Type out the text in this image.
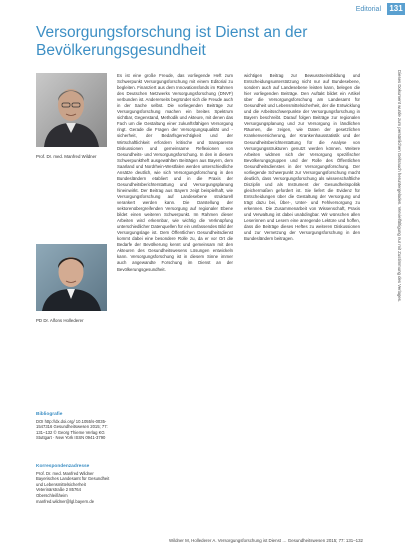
Editorial 131
Versorgungsforschung ist Dienst an der Bevölkerungsgesundheit
Prof. Dr. med. Manfred Wildner
PD Dr. Alfons Hollederer
Bibliografie
DOI http://dx.doi.org/ 10.1055/s-0035-1547316 Gesundheitswesen 2015; 77: 131–132 © Georg Thieme Verlag KG Stuttgart · New York ISSN 0941-3790
Korrespondenzadresse
Prof. Dr. med. Manfred Wildner Bayerisches Landesamt für Gesundheit und Lebensmittelsicherheit Veterinärstraße 2 85764 Oberschleißheim manfred.wildner@lgl.bayern.de

Es ist eine große Freude, das vorliegende Heft zum Schwerpunkt Versorgungsforschung mit einem Editorial zu begleiten. Finanziert aus dem Innovationsfonds im Rahmen des Deutschen Netzwerks Versorgungsforschung (DNVF) verbunden ist. Andererseits begründet sich die Freude auch in der Sache selbst. Die vorliegenden Beiträge zur Versorgungsforschung machen ein breites Spektrum sichtbar, Gegenstand, Methodik und Akteure, mit denen das Fach um die Gestaltung einer zukunftsfähigen Versorgung ringt. Gerade die Fragen der Versorgungsqualität und -sicherheit, der Bedarfsgerechtigkeit und der Wirtschaftlichkeit erfordern kritische und transparente Diskussionen und gemeinsame Reflexionen von Gesundheits- und Versorgungsforschung. In den in diesem Schwerpunktheft ausgewählten Beiträgen aus Bayern, dem Saarland und Nordrhein-Westfalen werden unterschiedliche Ansätze deutlich, wie sich Versorgungsforschung in den Bundesländern etabliert und in die Praxis der Gesundheitsberichterstattung und Versorgungsplanung hineinwirkt. Der Beitrag aus Bayern zeigt beispielhaft, wie Versorgungsforschung auf Landesebene strukturell verankert werden kann. Die Darstellung der sektorenübergreifenden Versorgung auf regionaler Ebene bildet einen weiteren Schwerpunkt. Im Rahmen dieser Arbeiten wird erkennbar, wie wichtig die Verknüpfung unterschiedlicher Datenquellen für ein umfassendes Bild der Versorgungslage ist. Dem Öffentlichen Gesundheitsdienst kommt dabei eine besondere Rolle zu, da er vor Ort die Bedarfe der Bevölkerung kennt und gemeinsam mit den Akteuren des Gesundheitswesens Lösungen entwickeln kann. Versorgungsforschung ist in diesem Sinne immer auch angewandte Forschung im Dienst an der Bevölkerungsgesundheit.

wichtigen Beitrag zur Bewusstseinsbildung und Entscheidungsunterstützung nicht nur auf Bundesebene, sondern auch auf Landesebene leisten kann, belegen die hier vorliegenden Beiträge. Den Auftakt bildet ein Artikel über die Versorgungsforschung am Landesamt für Gesundheit und Lebensmittelsicherheit, der die Entwicklung und die Arbeitsschwerpunkte der Versorgungsforschung in Bayern beschreibt. Darauf folgen Beiträge zur regionalen Versorgungsplanung und zur Versorgung in ländlichen Räumen, die zeigen, wie Daten der gesetzlichen Krankenversicherung, der Krankenhausstatistik und der Gesundheitsberichterstattung für die Analyse von Versorgungsstrukturen genutzt werden können. Weitere Arbeiten widmen sich der Versorgung spezifischer Bevölkerungsgruppen und der Rolle des Öffentlichen Gesundheitsdienstes in der Versorgungsforschung. Der vorliegende Schwerpunkt zur Versorgungsforschung macht deutlich, dass Versorgungsforschung als wissenschaftliche Disziplin und als Instrument der Gesundheitspolitik gleichermaßen gefordert ist. Sie liefert die Evidenz für Entscheidungen über die Gestaltung der Versorgung und trägt dazu bei, Über-, Unter- und Fehlversorgung zu erkennen. Die Zusammenarbeit von Wissenschaft, Praxis und Verwaltung ist dabei unabdingbar. Wir wünschen allen Leserinnen und Lesern eine anregende Lektüre und hoffen, dass die Beiträge dieses Heftes zu weiteren Diskussionen und zur Vernetzung der Versorgungsforschung in den Bundesländern beitragen.	Dieses Dokument wurde zum persönlichen Gebrauch heruntergeladen. Vervielfältigung nur mit Zustimmung des Verlages.
Wildner M, Hollederer A. Versorgungsforschung ist Dienst … Gesundheitswesen 2015; 77: 131–132
